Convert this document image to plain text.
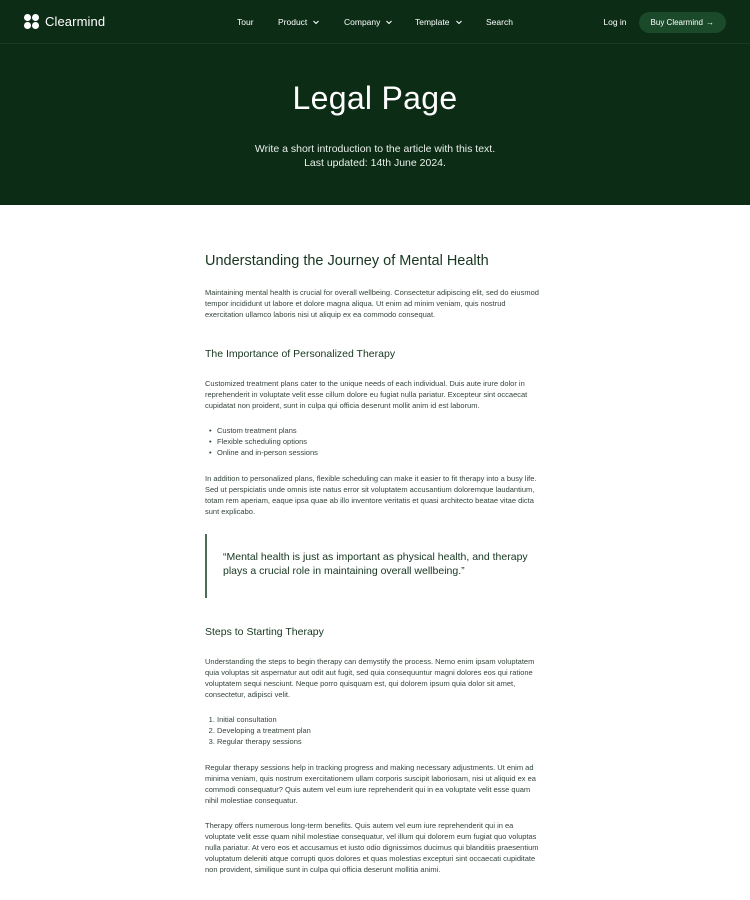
Clearmind	Tour	Product	Company	Template	Search	Log in	Buy Clearmind →
Legal Page
Write a short introduction to the article with this text.
Last updated: 14th June 2024.
Understanding the Journey of Mental Health

Maintaining mental health is crucial for overall wellbeing. Consectetur adipiscing elit, sed do eiusmod tempor incididunt ut labore et dolore magna aliqua. Ut enim ad minim veniam, quis nostrud exercitation ullamco laboris nisi ut aliquip ex ea commodo consequat.

The Importance of Personalized Therapy

Customized treatment plans cater to the unique needs of each individual. Duis aute irure dolor in reprehenderit in voluptate velit esse cillum dolore eu fugiat nulla pariatur. Excepteur sint occaecat cupidatat non proident, sunt in culpa qui officia deserunt mollit anim id est laborum.

• Custom treatment plans
• Flexible scheduling options
• Online and in-person sessions

In addition to personalized plans, flexible scheduling can make it easier to fit therapy into a busy life. Sed ut perspiciatis unde omnis iste natus error sit voluptatem accusantium doloremque laudantium, totam rem aperiam, eaque ipsa quae ab illo inventore veritatis et quasi architecto beatae vitae dicta sunt explicabo.

“Mental health is just as important as physical health, and therapy plays a crucial role in maintaining overall wellbeing.”
Steps to Starting Therapy

Understanding the steps to begin therapy can demystify the process. Nemo enim ipsam voluptatem quia voluptas sit aspernatur aut odit aut fugit, sed quia consequuntur magni dolores eos qui ratione voluptatem sequi nesciunt. Neque porro quisquam est, qui dolorem ipsum quia dolor sit amet, consectetur, adipisci velit.

1. Initial consultation
2. Developing a treatment plan
3. Regular therapy sessions

Regular therapy sessions help in tracking progress and making necessary adjustments. Ut enim ad minima veniam, quis nostrum exercitationem ullam corporis suscipit laboriosam, nisi ut aliquid ex ea commodi consequatur? Quis autem vel eum iure reprehenderit qui in ea voluptate velit esse quam nihil molestiae consequatur.

Therapy offers numerous long-term benefits. Quis autem vel eum iure reprehenderit qui in ea voluptate velit esse quam nihil molestiae consequatur, vel illum qui dolorem eum fugiat quo voluptas nulla pariatur. At vero eos et accusamus et iusto odio dignissimos ducimus qui blanditiis praesentium voluptatum deleniti atque corrupti quos dolores et quas molestias excepturi sint occaecati cupiditate non provident, similique sunt in culpa qui officia deserunt mollitia animi.
